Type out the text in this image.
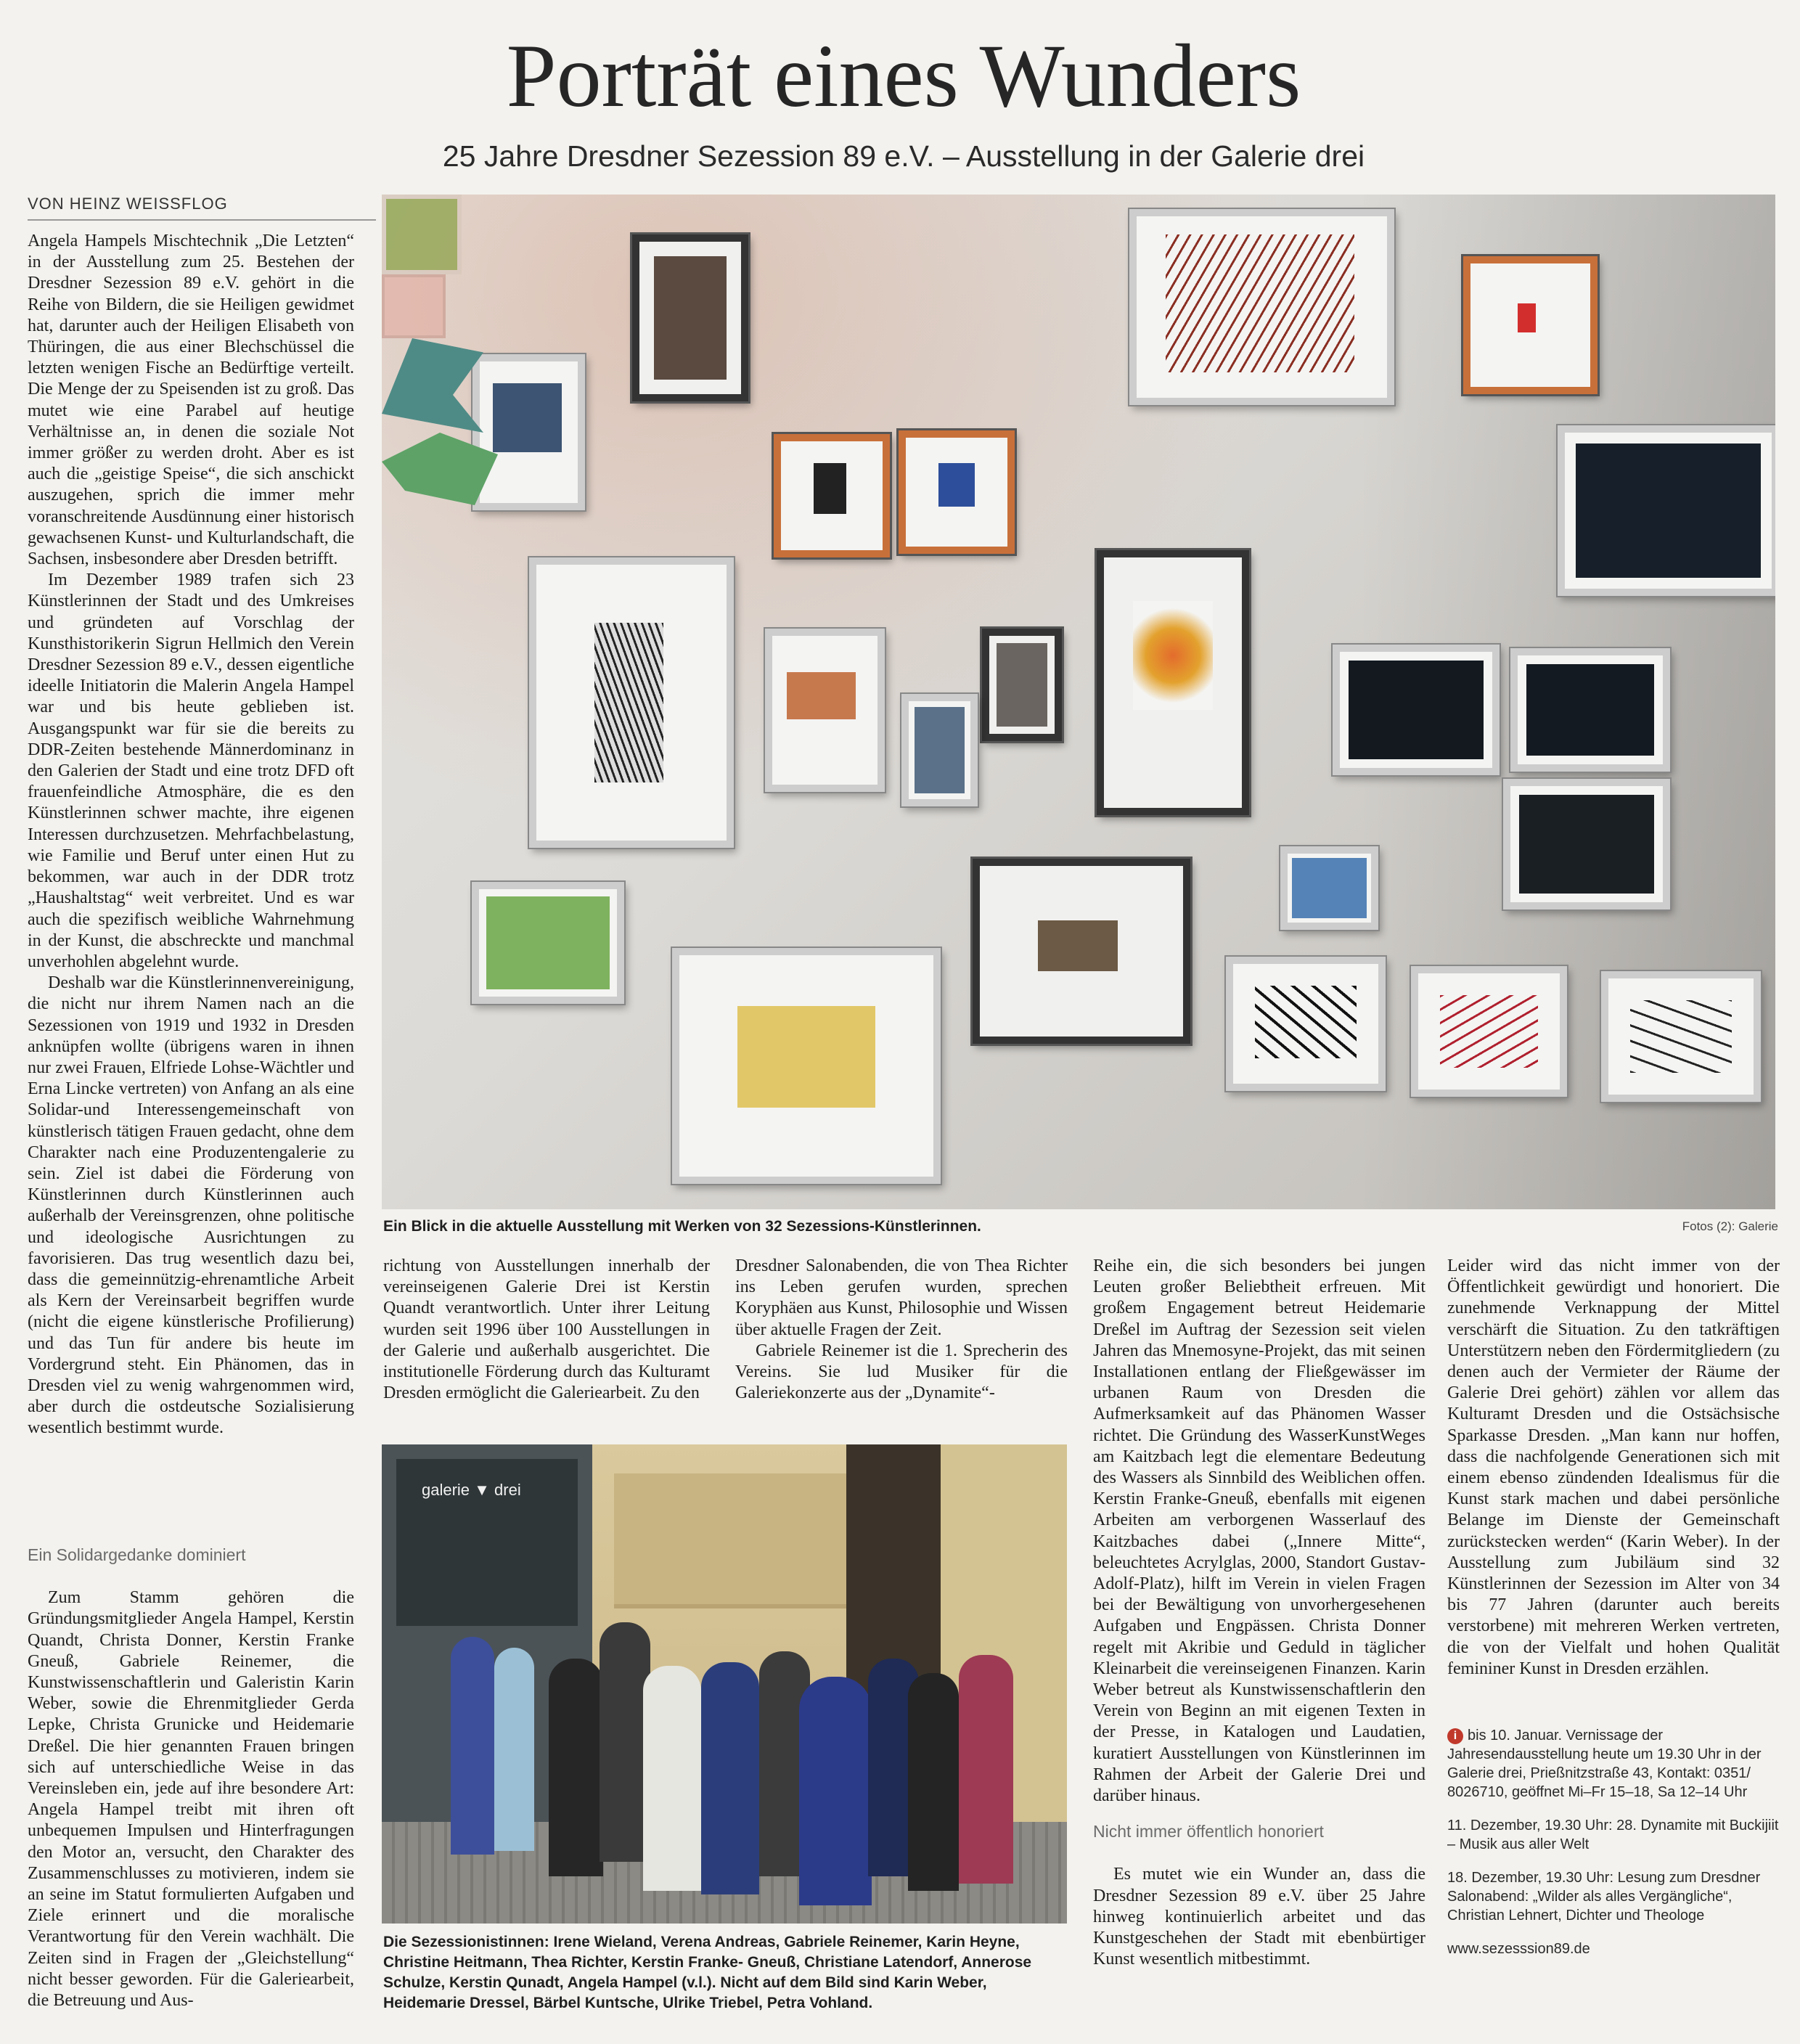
Porträt eines Wunders
25 Jahre Dresdner Sezession 89 e.V. – Ausstellung in der Galerie drei
VON HEINZ WEISSFLOG

Angela Hampels Mischtechnik „Die Letzten“ in der Ausstellung zum 25. Bestehen der Dresdner Sezession 89 e.V. gehört in die Reihe von Bildern, die sie Heiligen gewidmet hat, darunter auch der Heiligen Elisabeth von Thüringen, die aus einer Blechschüssel die letzten wenigen Fische an Bedürftige verteilt. Die Menge der zu Speisenden ist zu groß. Das mutet wie eine Parabel auf heutige Verhältnisse an, in denen die soziale Not immer größer zu werden droht. Aber es ist auch die „geistige Speise“, die sich anschickt auszugehen, sprich die immer mehr voranschreitende Ausdünnung einer historisch gewachsenen Kunst- und Kulturlandschaft, die Sachsen, insbesondere aber Dresden betrifft.

Im Dezember 1989 trafen sich 23 Künstlerinnen der Stadt und des Umkreises und gründeten auf Vorschlag der Kunsthistorikerin Sigrun Hellmich den Verein Dresdner Sezession 89 e.V., dessen eigentliche ideelle Initiatorin die Malerin Angela Hampel war und bis heute geblieben ist. Ausgangspunkt war für sie die bereits zu DDR-Zeiten bestehende Männerdominanz in den Galerien der Stadt und eine trotz DFD oft frauenfeindliche Atmosphäre, die es den Künstlerinnen schwer machte, ihre eigenen Interessen durchzusetzen. Mehrfachbelastung, wie Familie und Beruf unter einen Hut zu bekommen, war auch in der DDR trotz „Haushaltstag“ weit verbreitet. Und es war auch die spezifisch weibliche Wahrnehmung in der Kunst, die abschreckte und manchmal unverhohlen abgelehnt wurde.

Deshalb war die Künstlerinnenvereinigung, die nicht nur ihrem Namen nach an die Sezessionen von 1919 und 1932 in Dresden anknüpfen wollte (übrigens waren in ihnen nur zwei Frauen, Elfriede Lohse-Wächtler und Erna Lincke vertreten) von Anfang an als eine Solidar-und Interessengemeinschaft von künstlerisch tätigen Frauen gedacht, ohne dem Charakter nach eine Produzentengalerie zu sein. Ziel ist dabei die Förderung von Künstlerinnen durch Künstlerinnen auch außerhalb der Vereinsgrenzen, ohne politische und ideologische Ausrichtungen zu favorisieren. Das trug wesentlich dazu bei, dass die gemeinnützig-ehrenamtliche Arbeit als Kern der Vereinsarbeit begriffen wurde (nicht die eigene künstlerische Profilierung) und das Tun für andere bis heute im Vordergrund steht. Ein Phänomen, das in Dresden viel zu wenig wahrgenommen wird, aber durch die ostdeutsche Sozialisierung wesentlich bestimmt wurde.

Ein Solidargedanke dominiert

Zum Stamm gehören die Gründungsmitglieder Angela Hampel, Kerstin Quandt, Christa Donner, Kerstin Franke Gneuß, Gabriele Reinemer, die Kunstwissenschaftlerin und Galeristin Karin Weber, sowie die Ehrenmitglieder Gerda Lepke, Christa Grunicke und Heidemarie Dreßel. Die hier genannten Frauen bringen sich auf unterschiedliche Weise in das Vereinsleben ein, jede auf ihre besondere Art: Angela Hampel treibt mit ihren oft unbequemen Impulsen und Hinterfragungen den Motor an, versucht, den Charakter des Zusammenschlusses zu motivieren, indem sie an seine im Statut formulierten Aufgaben und Ziele erinnert und die moralische Verantwortung für den Verein wachhält. Die Zeiten sind in Fragen der „Gleichstellung“ nicht besser geworden. Für die Galeriearbeit, die Betreuung und Aus-

Ein Blick in die aktuelle Ausstellung mit Werken von 32 Sezessions-Künstlerinnen.	Fotos (2): Galerie

richtung von Ausstellungen innerhalb der vereinseigenen Galerie Drei ist Kerstin Quandt verantwortlich. Unter ihrer Leitung wurden seit 1996 über 100 Ausstellungen in der Galerie und außerhalb ausgerichtet. Die institutionelle Förderung durch das Kulturamt Dresden ermöglicht die Galeriearbeit. Zu den

Dresdner Salonabenden, die von Thea Richter ins Leben gerufen wurden, sprechen Koryphäen aus Kunst, Philosophie und Wissen über aktuelle Fragen der Zeit.

Gabriele Reinemer ist die 1. Sprecherin des Vereins. Sie lud Musiker für die Galeriekonzerte aus der „Dynamite“-

galerie ▼ drei
Die Sezessionistinnen: Irene Wieland, Verena Andreas, Gabriele Reinemer, Karin Heyne, Christine Heitmann, Thea Richter, Kerstin Franke- Gneuß, Christiane Latendorf, Annerose Schulze, Kerstin Qunadt, Angela Hampel (v.l.). Nicht auf dem Bild sind Karin Weber, Heidemarie Dressel, Bärbel Kuntsche, Ulrike Triebel, Petra Vohland.

Reihe ein, die sich besonders bei jungen Leuten großer Beliebtheit erfreuen. Mit großem Engagement betreut Heidemarie Dreßel im Auftrag der Sezession seit vielen Jahren das Mnemosyne-Projekt, das mit seinen Installationen entlang der Fließgewässer im urbanen Raum von Dresden die Aufmerksamkeit auf das Phänomen Wasser richtet. Die Gründung des WasserKunstWeges am Kaitzbach legt die elementare Bedeutung des Wassers als Sinnbild des Weiblichen offen. Kerstin Franke-Gneuß, ebenfalls mit eigenen Arbeiten am verborgenen Wasserlauf des Kaitzbaches dabei („Innere Mitte“, beleuchtetes Acrylglas, 2000, Standort Gustav-Adolf-Platz), hilft im Verein in vielen Fragen bei der Bewältigung von unvorhergesehenen Aufgaben und Engpässen. Christa Donner regelt mit Akribie und Geduld in täglicher Kleinarbeit die vereinseigenen Finanzen. Karin Weber betreut als Kunstwissenschaftlerin den Verein von Beginn an mit eigenen Texten in der Presse, in Katalogen und Laudatien, kuratiert Ausstellungen von Künstlerinnen im Rahmen der Arbeit der Galerie Drei und darüber hinaus.

Nicht immer öffentlich honoriert

Es mutet wie ein Wunder an, dass die Dresdner Sezession 89 e.V. über 25 Jahre hinweg kontinuierlich arbeitet und das Kunstgeschehen der Stadt mit ebenbürtiger Kunst wesentlich mitbestimmt.

Leider wird das nicht immer von der Öffentlichkeit gewürdigt und honoriert. Die zunehmende Verknappung der Mittel verschärft die Situation. Zu den tatkräftigen Unterstützern neben den Fördermitgliedern (zu denen auch der Vermieter der Räume der Galerie Drei gehört) zählen vor allem das Kulturamt Dresden und die Ostsächsische Sparkasse Dresden. „Man kann nur hoffen, dass die nachfolgende Generationen sich mit einem ebenso zündenden Idealismus für die Kunst stark machen und dabei persönliche Belange im Dienste der Gemeinschaft zurückstecken werden“ (Karin Weber). In der Ausstellung zum Jubiläum sind 32 Künstlerinnen der Sezession im Alter von 34 bis 77 Jahren (darunter auch bereits verstorbene) mit mehreren Werken vertreten, die von der Vielfalt und hohen Qualität femininer Kunst in Dresden erzählen.

i bis 10. Januar. Vernissage der Jahresendausstellung heute um 19.30 Uhr in der Galerie drei, Prießnitzstraße 43, Kontakt: 0351/ 8026710, geöffnet Mi–Fr 15–18, Sa 12–14 Uhr

11. Dezember, 19.30 Uhr: 28. Dynamite mit Buckijiit – Musik aus aller Welt

18. Dezember, 19.30 Uhr: Lesung zum Dresdner Salonabend: „Wilder als alles Vergängliche“, Christian Lehnert, Dichter und Theologe

www.sezesssion89.de
